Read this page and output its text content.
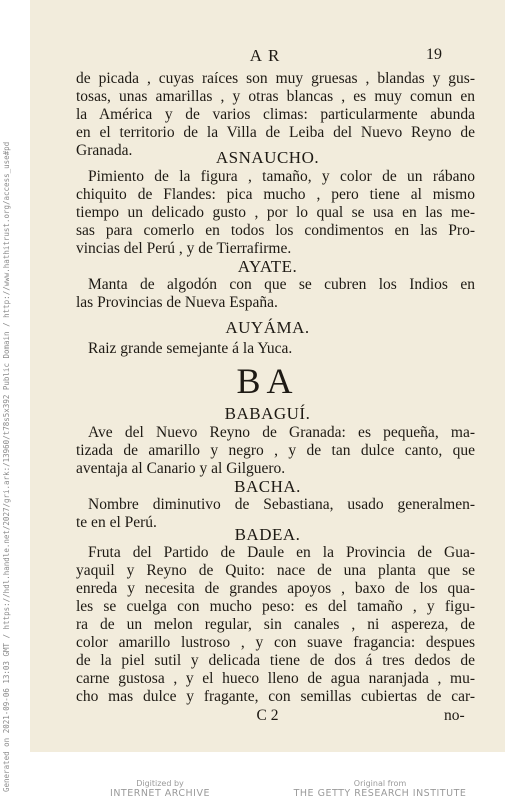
AR	19
de picada , cuyas raíces son muy gruesas , blandas y gus-
tosas, unas amarillas , y otras blancas , es muy comun en
la América y de varios climas: particularmente abunda
en el territorio de la Villa de Leiba del Nuevo Reyno de
Granada.	ASNAUCHO.
Pimiento de la figura , tamaño, y color de un rábano
chiquito de Flandes: pica mucho , pero tiene al mismo
tiempo un delicado gusto , por lo qual se usa en las me-
sas para comerlo en todos los condimentos en las Pro-
vincias del Perú , y de Tierrafirme.
AYATE.
Manta de algodón con que se cubren los Indios en
las Provincias de Nueva España.
AUYÁMA.
Raiz grande semejante á la Yuca.
BA
BABAGUÍ.
Ave del Nuevo Reyno de Granada: es pequeña, ma-
tizada de amarillo y negro , y de tan dulce canto, que
aventaja al Canario y al Gilguero.
BACHA.
Nombre diminutivo de Sebastiana, usado generalmen-
te en el Perú.
BADEA.
Fruta del Partido de Daule en la Provincia de Gua-
yaquil y Reyno de Quito: nace de una planta que se
enreda y necesita de grandes apoyos , baxo de los qua-
les se cuelga con mucho peso: es del tamaño , y figu-
ra de un melon regular, sin canales , ni aspereza, de
color amarillo lustroso , y con suave fragancia: despues
de la piel sutil y delicada tiene de dos á tres dedos de
carne gustosa , y el hueco lleno de agua naranjada , mu-
cho mas dulce y fragante, con semillas cubiertas de car-
C 2	no-
Generated on 2021-09-06 13:03 GMT / https://hdl.handle.net/2027/gri.ark:/13960/t78s5x392 Public Domain / http://www.hathitrust.org/access_use#pd	Digitized by
INTERNET ARCHIVE
Original from
THE GETTY RESEARCH INSTITUTE
